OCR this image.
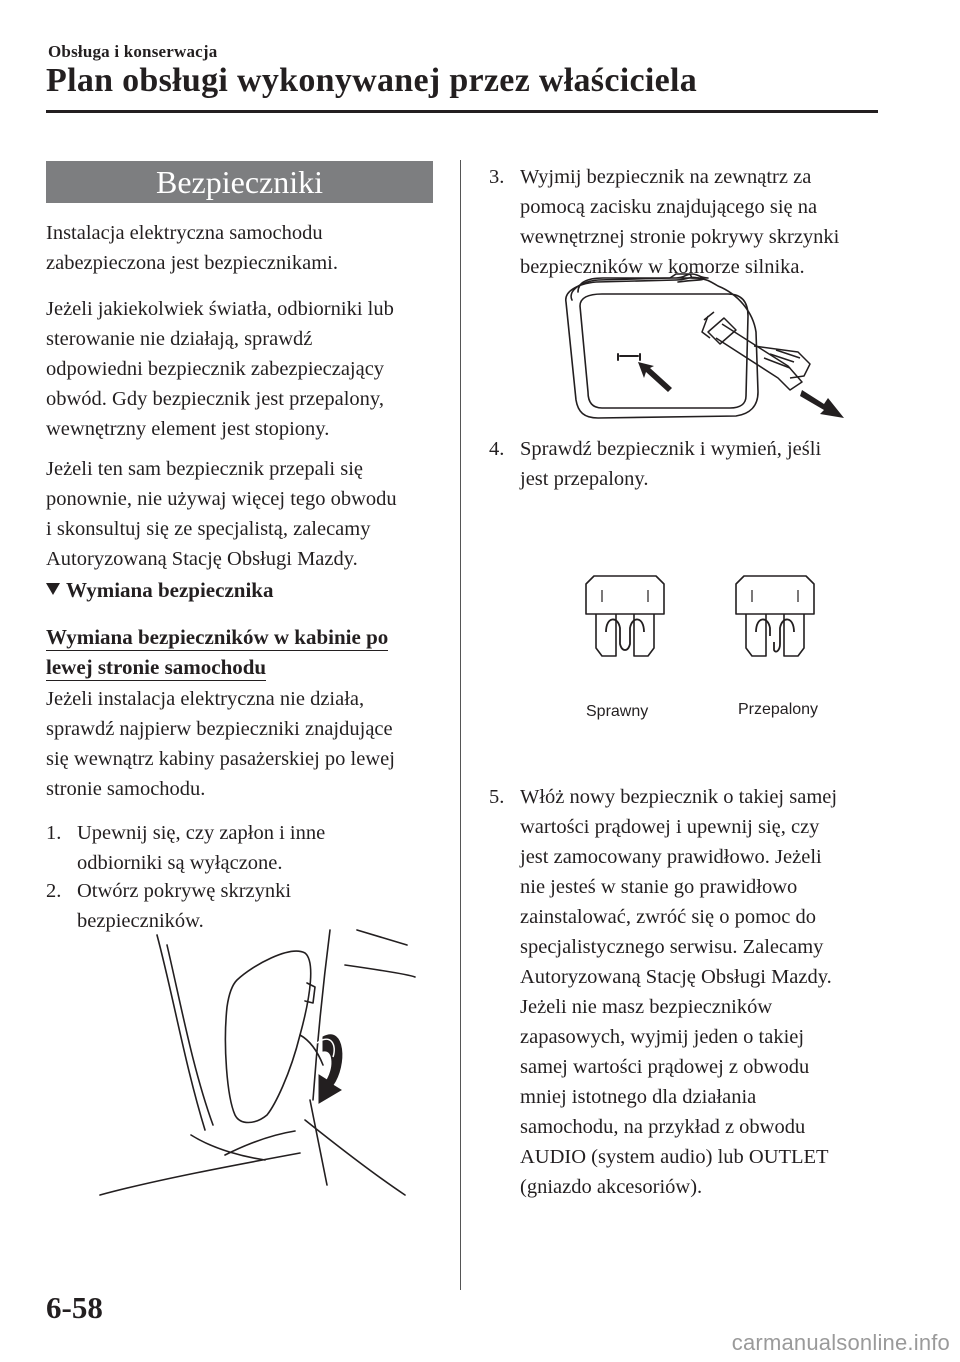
Obsługa i konserwacja
Plan obsługi wykonywanej przez właściciela
Bezpieczniki
Instalacja elektryczna samochodu
zabezpieczona jest bezpiecznikami.
Jeżeli jakiekolwiek światła, odbiorniki lub
sterowanie nie działają, sprawdź
odpowiedni bezpiecznik zabezpieczający
obwód. Gdy bezpiecznik jest przepalony,
wewnętrzny element jest stopiony.
Jeżeli ten sam bezpiecznik przepali się
ponownie, nie używaj więcej tego obwodu
i skonsultuj się ze specjalistą, zalecamy
Autoryzowaną Stację Obsługi Mazdy.
Wymiana bezpiecznika
Wymiana bezpieczników w kabinie po
lewej stronie samochodu
Jeżeli instalacja elektryczna nie działa,
sprawdź najpierw bezpieczniki znajdujące
się wewnątrz kabiny pasażerskiej po lewej
stronie samochodu.
1. Upewnij się, czy zapłon i inne
odbiorniki są wyłączone.
2. Otwórz pokrywę skrzynki
bezpieczników.
3. Wyjmij bezpiecznik na zewnątrz za
pomocą zacisku znajdującego się na
wewnętrznej stronie pokrywy skrzynki
bezpieczników w komorze silnika.
4. Sprawdź bezpiecznik i wymień, jeśli
jest przepalony.
Sprawny	Przepalony
5. Włóż nowy bezpiecznik o takiej samej
wartości prądowej i upewnij się, czy
jest zamocowany prawidłowo. Jeżeli
nie jesteś w stanie go prawidłowo
zainstalować, zwróć się o pomoc do
specjalistycznego serwisu. Zalecamy
Autoryzowaną Stację Obsługi Mazdy.
Jeżeli nie masz bezpieczników
zapasowych, wyjmij jeden o takiej
samej wartości prądowej z obwodu
mniej istotnego dla działania
samochodu, na przykład z obwodu
AUDIO (system audio) lub OUTLET
(gniazdo akcesoriów).
6-58
carmanualsonline.info
